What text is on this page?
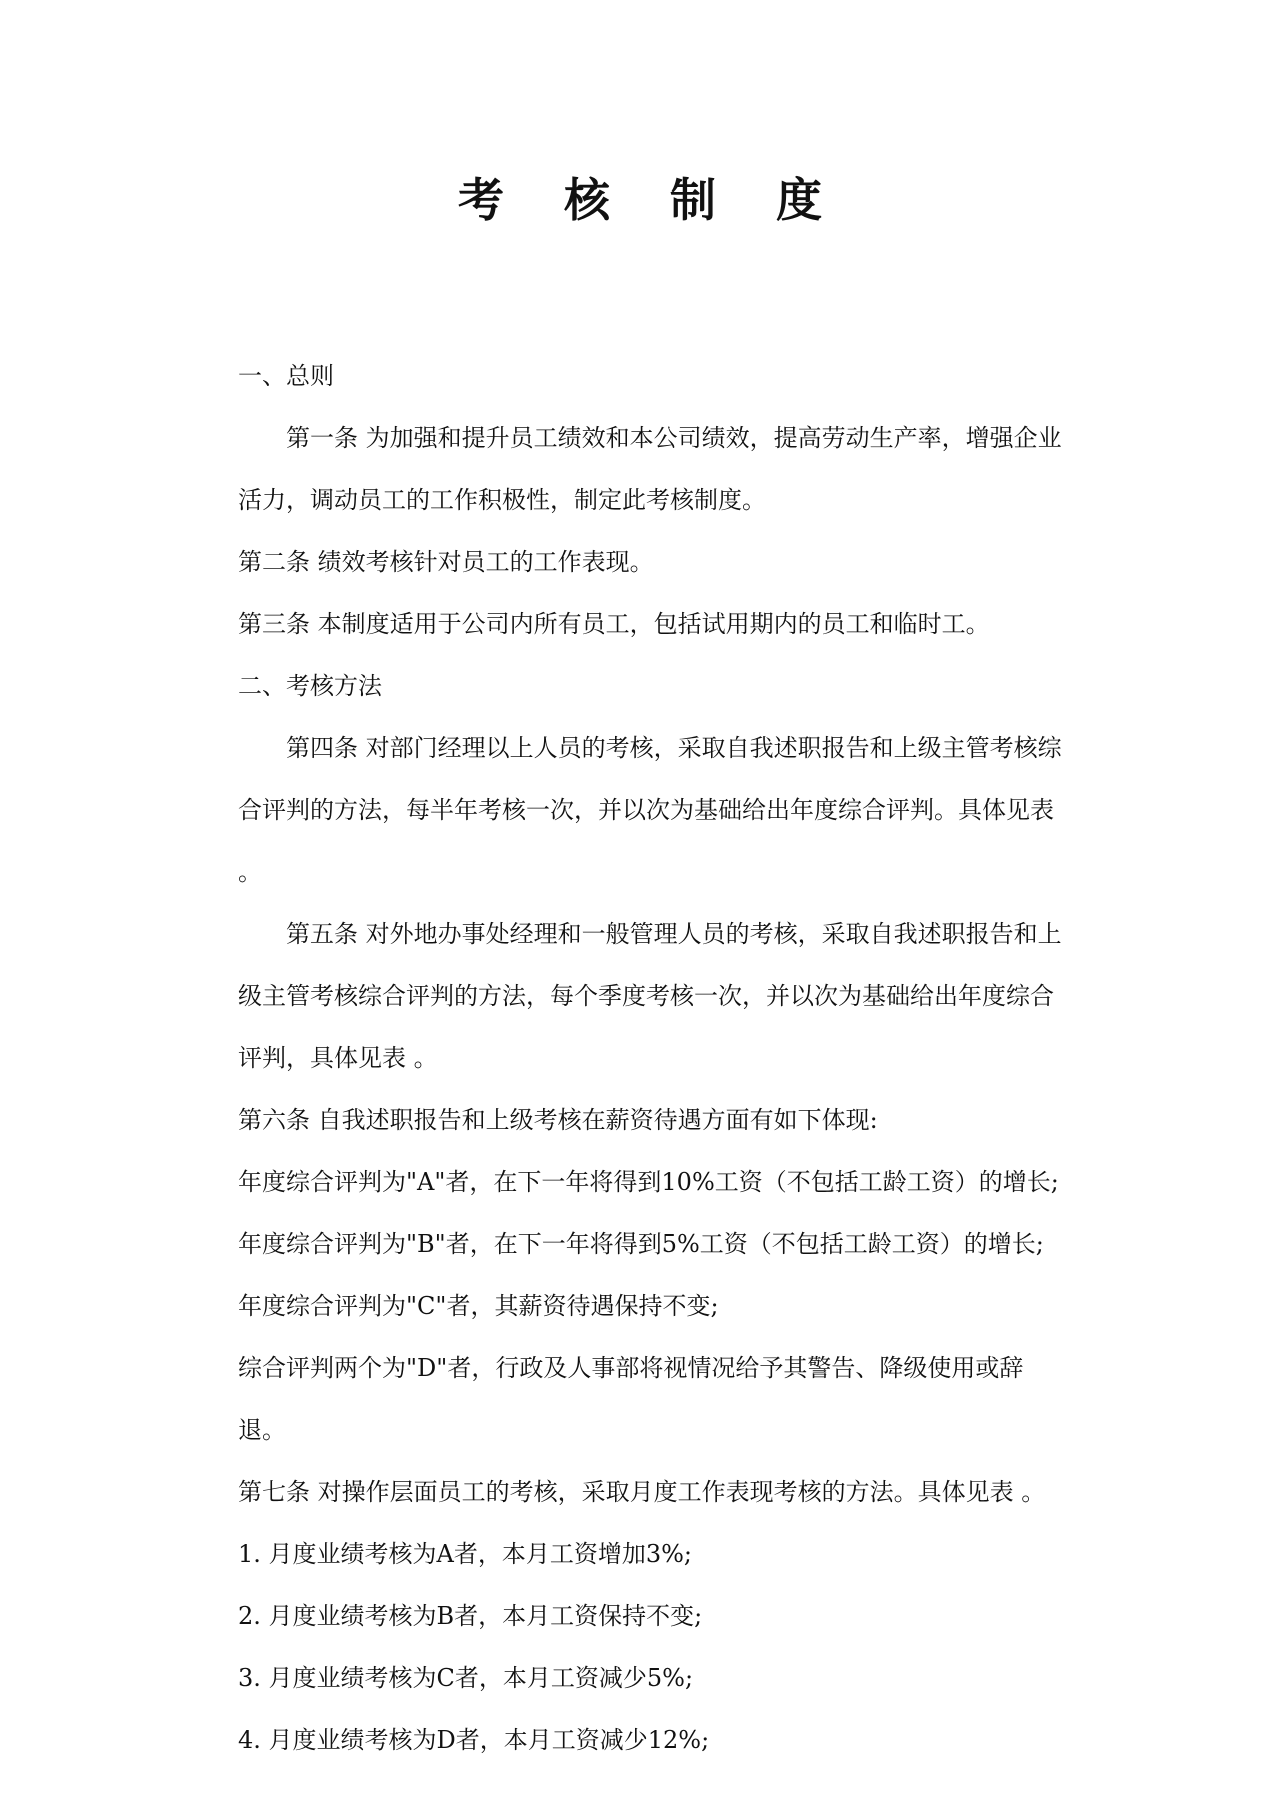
考 核 制 度

一、总则

第一条 为加强和提升员工绩效和本公司绩效，提高劳动生产率，增强企业活力，调动员工的工作积极性，制定此考核制度。

第二条 绩效考核针对员工的工作表现。

第三条 本制度适用于公司内所有员工，包括试用期内的员工和临时工。

二、考核方法

第四条 对部门经理以上人员的考核，采取自我述职报告和上级主管考核综合评判的方法，每半年考核一次，并以次为基础给出年度综合评判。具体见表 。

第五条 对外地办事处经理和一般管理人员的考核，采取自我述职报告和上级主管考核综合评判的方法，每个季度考核一次，并以次为基础给出年度综合评判，具体见表 。

第六条 自我述职报告和上级考核在薪资待遇方面有如下体现:

年度综合评判为"A"者，在下一年将得到10%工资（不包括工龄工资）的增长;

年度综合评判为"B"者，在下一年将得到5%工资（不包括工龄工资）的增长;

年度综合评判为"C"者，其薪资待遇保持不变;

综合评判两个为"D"者，行政及人事部将视情况给予其警告、降级使用或辞退。

第七条 对操作层面员工的考核，采取月度工作表现考核的方法。具体见表 。

1. 月度业绩考核为A者，本月工资增加3%;

2. 月度业绩考核为B者，本月工资保持不变;

3. 月度业绩考核为C者，本月工资减少5%;

4. 月度业绩考核为D者，本月工资减少12%;
